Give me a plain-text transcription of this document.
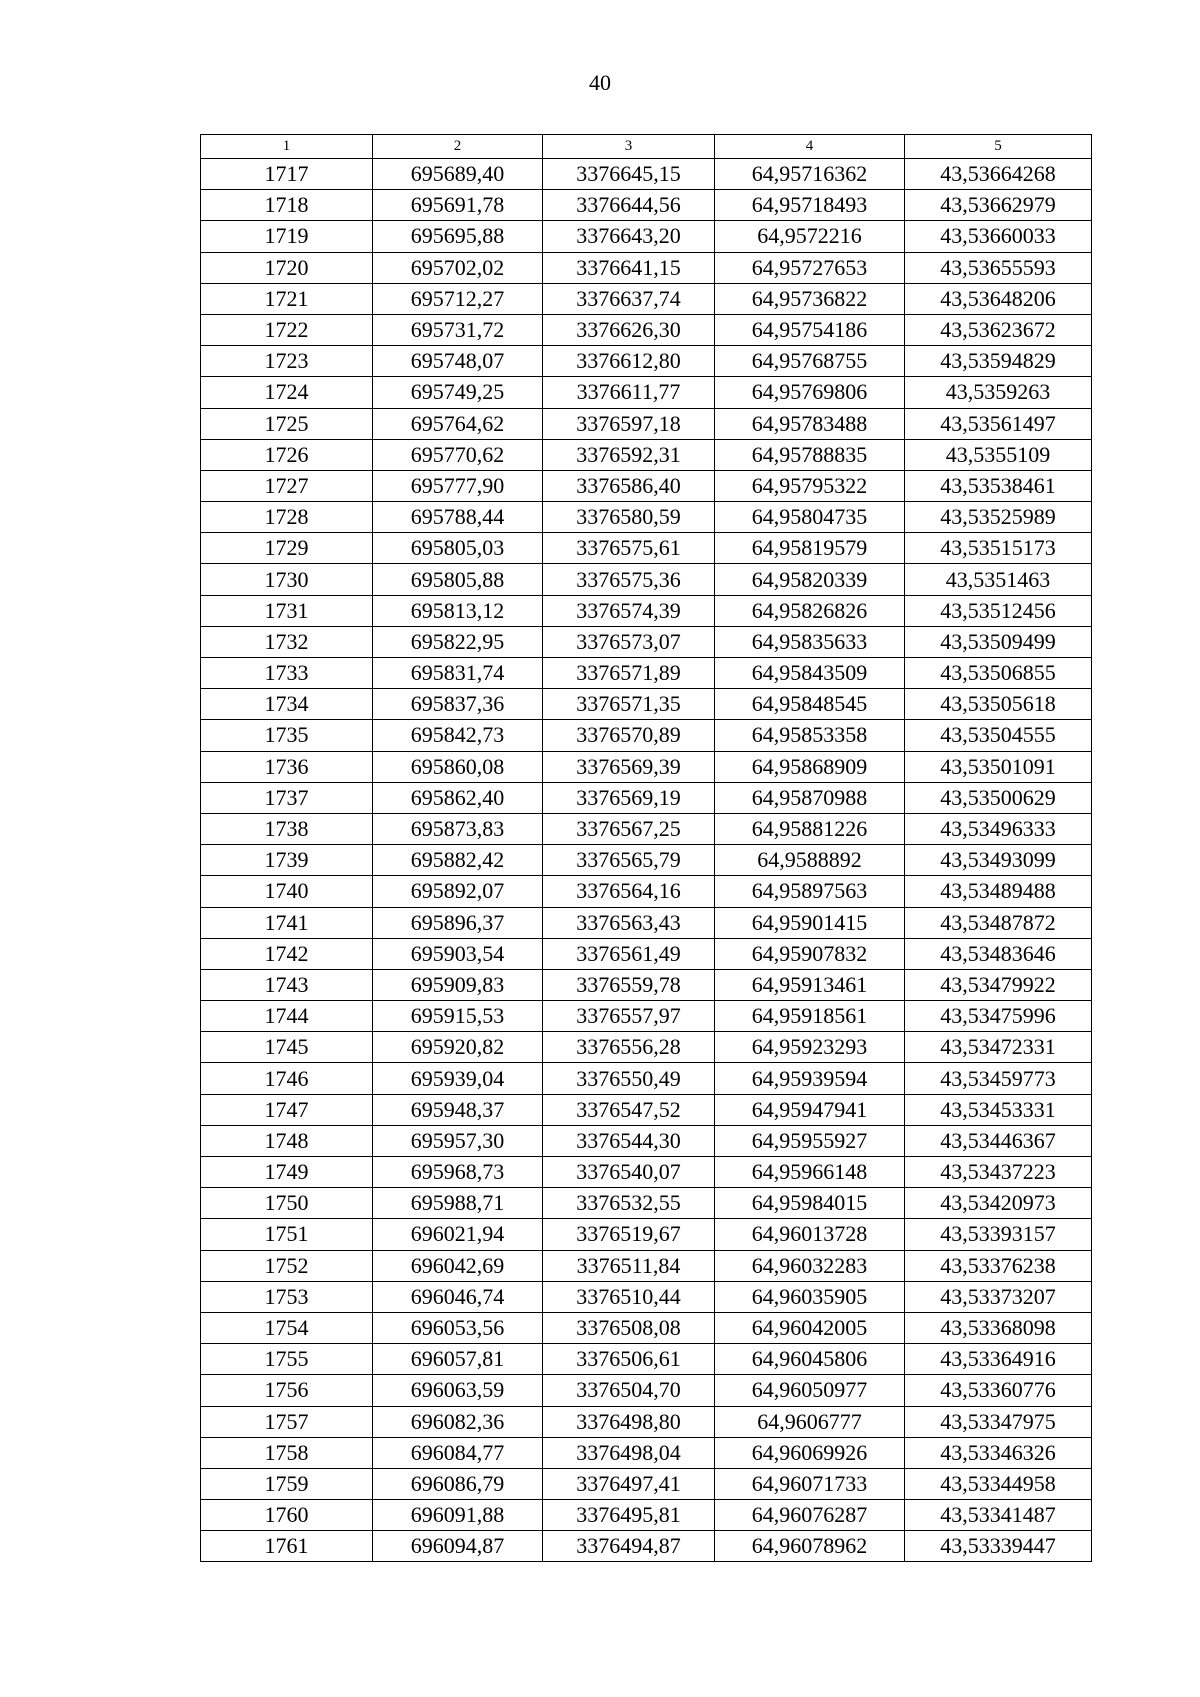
40
1	2	3	4	5
1717	695689,40	3376645,15	64,95716362	43,53664268
1718	695691,78	3376644,56	64,95718493	43,53662979
1719	695695,88	3376643,20	64,9572216	43,53660033
1720	695702,02	3376641,15	64,95727653	43,53655593
1721	695712,27	3376637,74	64,95736822	43,53648206
1722	695731,72	3376626,30	64,95754186	43,53623672
1723	695748,07	3376612,80	64,95768755	43,53594829
1724	695749,25	3376611,77	64,95769806	43,5359263
1725	695764,62	3376597,18	64,95783488	43,53561497
1726	695770,62	3376592,31	64,95788835	43,5355109
1727	695777,90	3376586,40	64,95795322	43,53538461
1728	695788,44	3376580,59	64,95804735	43,53525989
1729	695805,03	3376575,61	64,95819579	43,53515173
1730	695805,88	3376575,36	64,95820339	43,5351463
1731	695813,12	3376574,39	64,95826826	43,53512456
1732	695822,95	3376573,07	64,95835633	43,53509499
1733	695831,74	3376571,89	64,95843509	43,53506855
1734	695837,36	3376571,35	64,95848545	43,53505618
1735	695842,73	3376570,89	64,95853358	43,53504555
1736	695860,08	3376569,39	64,95868909	43,53501091
1737	695862,40	3376569,19	64,95870988	43,53500629
1738	695873,83	3376567,25	64,95881226	43,53496333
1739	695882,42	3376565,79	64,9588892	43,53493099
1740	695892,07	3376564,16	64,95897563	43,53489488
1741	695896,37	3376563,43	64,95901415	43,53487872
1742	695903,54	3376561,49	64,95907832	43,53483646
1743	695909,83	3376559,78	64,95913461	43,53479922
1744	695915,53	3376557,97	64,95918561	43,53475996
1745	695920,82	3376556,28	64,95923293	43,53472331
1746	695939,04	3376550,49	64,95939594	43,53459773
1747	695948,37	3376547,52	64,95947941	43,53453331
1748	695957,30	3376544,30	64,95955927	43,53446367
1749	695968,73	3376540,07	64,95966148	43,53437223
1750	695988,71	3376532,55	64,95984015	43,53420973
1751	696021,94	3376519,67	64,96013728	43,53393157
1752	696042,69	3376511,84	64,96032283	43,53376238
1753	696046,74	3376510,44	64,96035905	43,53373207
1754	696053,56	3376508,08	64,96042005	43,53368098
1755	696057,81	3376506,61	64,96045806	43,53364916
1756	696063,59	3376504,70	64,96050977	43,53360776
1757	696082,36	3376498,80	64,9606777	43,53347975
1758	696084,77	3376498,04	64,96069926	43,53346326
1759	696086,79	3376497,41	64,96071733	43,53344958
1760	696091,88	3376495,81	64,96076287	43,53341487
1761	696094,87	3376494,87	64,96078962	43,53339447
